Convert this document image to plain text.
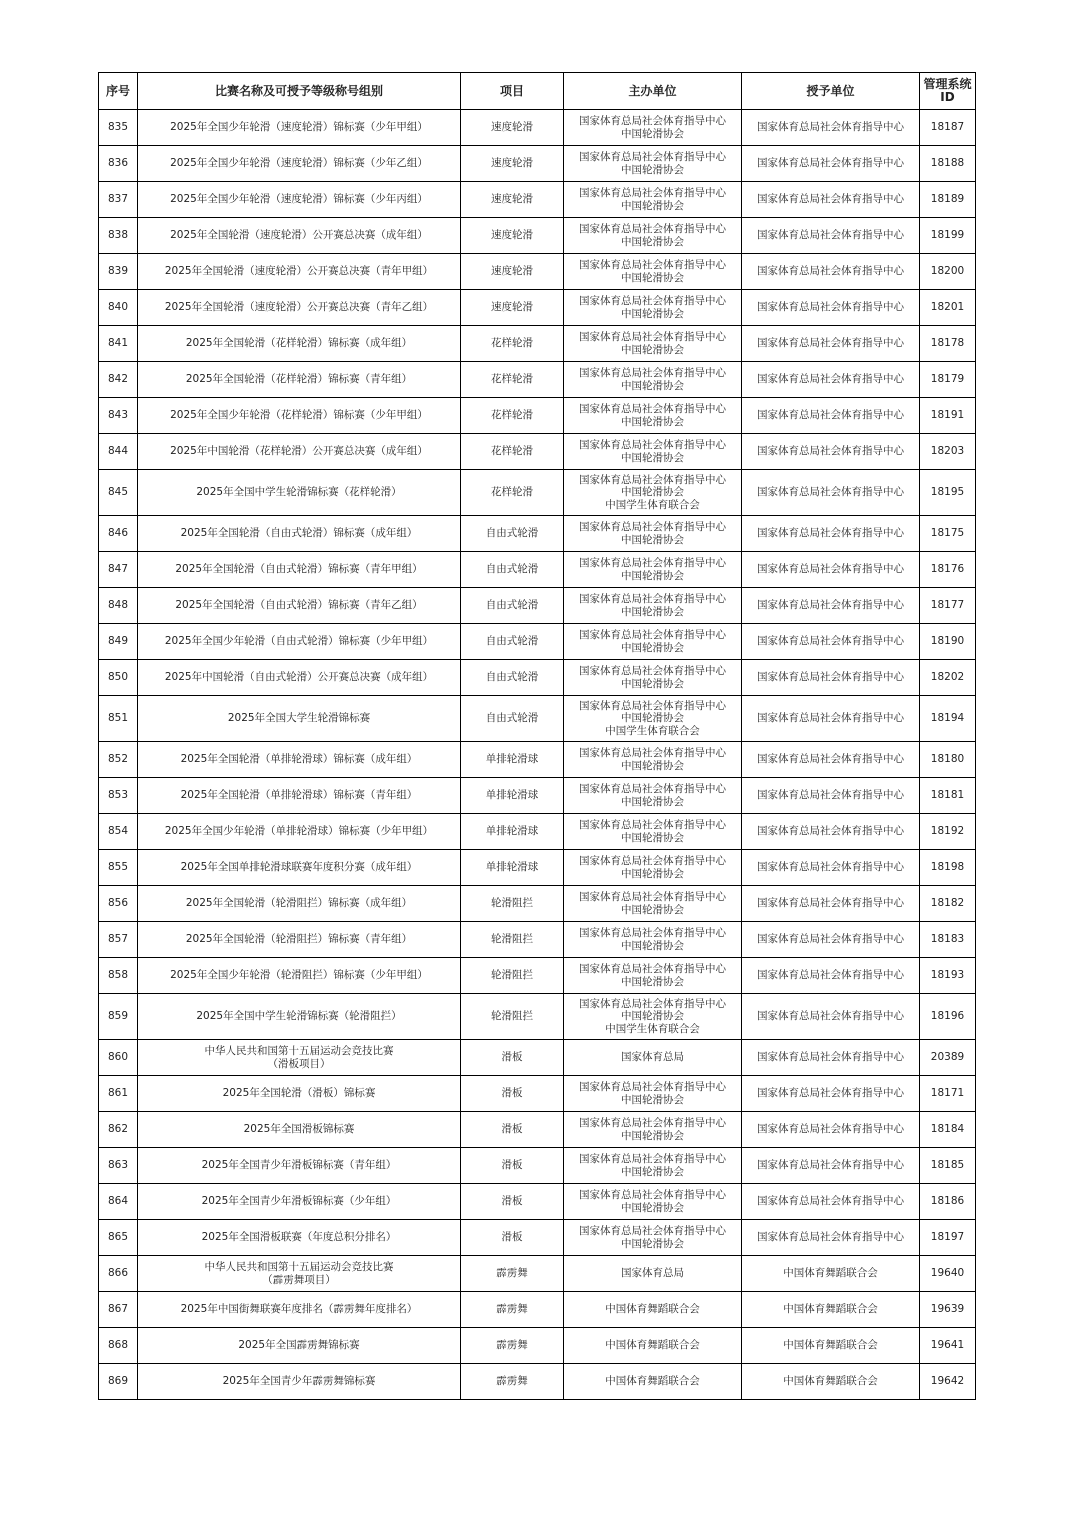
序号	比赛名称及可授予等级称号组别	项目	主办单位	授予单位	管理系统ID
835	2025年全国少年轮滑（速度轮滑）锦标赛（少年甲组）	速度轮滑	国家体育总局社会体育指导中心
中国轮滑协会	国家体育总局社会体育指导中心	18187
836	2025年全国少年轮滑（速度轮滑）锦标赛（少年乙组）	速度轮滑	国家体育总局社会体育指导中心
中国轮滑协会	国家体育总局社会体育指导中心	18188
837	2025年全国少年轮滑（速度轮滑）锦标赛（少年丙组）	速度轮滑	国家体育总局社会体育指导中心
中国轮滑协会	国家体育总局社会体育指导中心	18189
838	2025年全国轮滑（速度轮滑）公开赛总决赛（成年组）	速度轮滑	国家体育总局社会体育指导中心
中国轮滑协会	国家体育总局社会体育指导中心	18199
839	2025年全国轮滑（速度轮滑）公开赛总决赛（青年甲组）	速度轮滑	国家体育总局社会体育指导中心
中国轮滑协会	国家体育总局社会体育指导中心	18200
840	2025年全国轮滑（速度轮滑）公开赛总决赛（青年乙组）	速度轮滑	国家体育总局社会体育指导中心
中国轮滑协会	国家体育总局社会体育指导中心	18201
841	2025年全国轮滑（花样轮滑）锦标赛（成年组）	花样轮滑	国家体育总局社会体育指导中心
中国轮滑协会	国家体育总局社会体育指导中心	18178
842	2025年全国轮滑（花样轮滑）锦标赛（青年组）	花样轮滑	国家体育总局社会体育指导中心
中国轮滑协会	国家体育总局社会体育指导中心	18179
843	2025年全国少年轮滑（花样轮滑）锦标赛（少年甲组）	花样轮滑	国家体育总局社会体育指导中心
中国轮滑协会	国家体育总局社会体育指导中心	18191
844	2025年中国轮滑（花样轮滑）公开赛总决赛（成年组）	花样轮滑	国家体育总局社会体育指导中心
中国轮滑协会	国家体育总局社会体育指导中心	18203
845	2025年全国中学生轮滑锦标赛（花样轮滑）	花样轮滑	国家体育总局社会体育指导中心
中国轮滑协会
中国学生体育联合会	国家体育总局社会体育指导中心	18195
846	2025年全国轮滑（自由式轮滑）锦标赛（成年组）	自由式轮滑	国家体育总局社会体育指导中心
中国轮滑协会	国家体育总局社会体育指导中心	18175
847	2025年全国轮滑（自由式轮滑）锦标赛（青年甲组）	自由式轮滑	国家体育总局社会体育指导中心
中国轮滑协会	国家体育总局社会体育指导中心	18176
848	2025年全国轮滑（自由式轮滑）锦标赛（青年乙组）	自由式轮滑	国家体育总局社会体育指导中心
中国轮滑协会	国家体育总局社会体育指导中心	18177
849	2025年全国少年轮滑（自由式轮滑）锦标赛（少年甲组）	自由式轮滑	国家体育总局社会体育指导中心
中国轮滑协会	国家体育总局社会体育指导中心	18190
850	2025年中国轮滑（自由式轮滑）公开赛总决赛（成年组）	自由式轮滑	国家体育总局社会体育指导中心
中国轮滑协会	国家体育总局社会体育指导中心	18202
851	2025年全国大学生轮滑锦标赛	自由式轮滑	国家体育总局社会体育指导中心
中国轮滑协会
中国学生体育联合会	国家体育总局社会体育指导中心	18194
852	2025年全国轮滑（单排轮滑球）锦标赛（成年组）	单排轮滑球	国家体育总局社会体育指导中心
中国轮滑协会	国家体育总局社会体育指导中心	18180
853	2025年全国轮滑（单排轮滑球）锦标赛（青年组）	单排轮滑球	国家体育总局社会体育指导中心
中国轮滑协会	国家体育总局社会体育指导中心	18181
854	2025年全国少年轮滑（单排轮滑球）锦标赛（少年甲组）	单排轮滑球	国家体育总局社会体育指导中心
中国轮滑协会	国家体育总局社会体育指导中心	18192
855	2025年全国单排轮滑球联赛年度积分赛（成年组）	单排轮滑球	国家体育总局社会体育指导中心
中国轮滑协会	国家体育总局社会体育指导中心	18198
856	2025年全国轮滑（轮滑阻拦）锦标赛（成年组）	轮滑阻拦	国家体育总局社会体育指导中心
中国轮滑协会	国家体育总局社会体育指导中心	18182
857	2025年全国轮滑（轮滑阻拦）锦标赛（青年组）	轮滑阻拦	国家体育总局社会体育指导中心
中国轮滑协会	国家体育总局社会体育指导中心	18183
858	2025年全国少年轮滑（轮滑阻拦）锦标赛（少年甲组）	轮滑阻拦	国家体育总局社会体育指导中心
中国轮滑协会	国家体育总局社会体育指导中心	18193
859	2025年全国中学生轮滑锦标赛（轮滑阻拦）	轮滑阻拦	国家体育总局社会体育指导中心
中国轮滑协会
中国学生体育联合会	国家体育总局社会体育指导中心	18196
860	中华人民共和国第十五届运动会竞技比赛
（滑板项目）	滑板	国家体育总局	国家体育总局社会体育指导中心	20389
861	2025年全国轮滑（滑板）锦标赛	滑板	国家体育总局社会体育指导中心
中国轮滑协会	国家体育总局社会体育指导中心	18171
862	2025年全国滑板锦标赛	滑板	国家体育总局社会体育指导中心
中国轮滑协会	国家体育总局社会体育指导中心	18184
863	2025年全国青少年滑板锦标赛（青年组）	滑板	国家体育总局社会体育指导中心
中国轮滑协会	国家体育总局社会体育指导中心	18185
864	2025年全国青少年滑板锦标赛（少年组）	滑板	国家体育总局社会体育指导中心
中国轮滑协会	国家体育总局社会体育指导中心	18186
865	2025年全国滑板联赛（年度总积分排名）	滑板	国家体育总局社会体育指导中心
中国轮滑协会	国家体育总局社会体育指导中心	18197
866	中华人民共和国第十五届运动会竞技比赛
（霹雳舞项目）	霹雳舞	国家体育总局	中国体育舞蹈联合会	19640
867	2025年中国街舞联赛年度排名（霹雳舞年度排名）	霹雳舞	中国体育舞蹈联合会	中国体育舞蹈联合会	19639
868	2025年全国霹雳舞锦标赛	霹雳舞	中国体育舞蹈联合会	中国体育舞蹈联合会	19641
869	2025年全国青少年霹雳舞锦标赛	霹雳舞	中国体育舞蹈联合会	中国体育舞蹈联合会	19642
